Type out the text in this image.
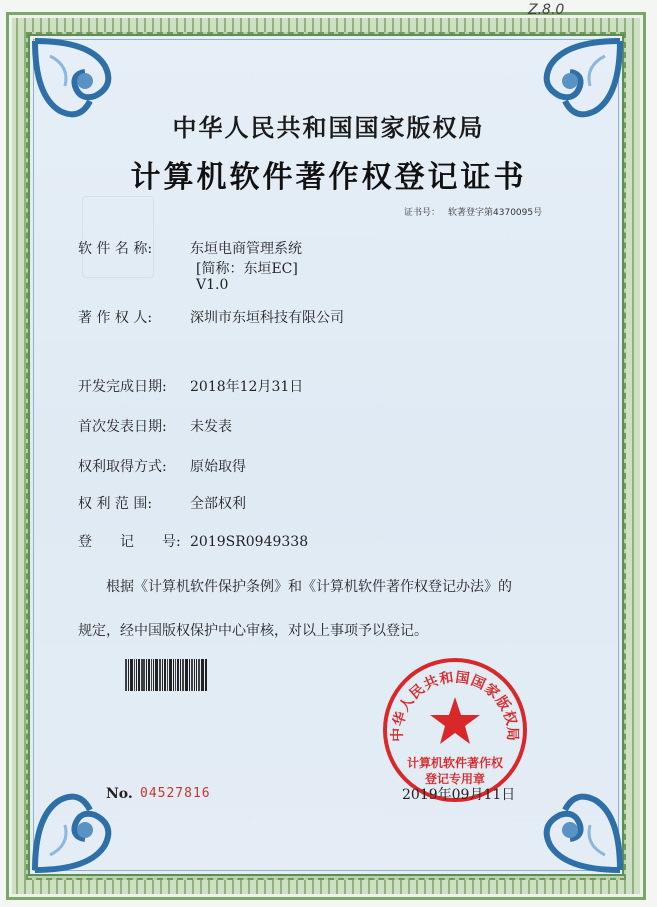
Z.8.0
中华人民共和国国家版权局
计算机软件著作权登记证书
证书号： 软著登字第4370095号
软 件 名 称:	东垣电商管理系统
[简称：东垣EC]
V1.0
著 作 权 人:	深圳市东垣科技有限公司
开发完成日期: 2018年12月31日
首次发表日期: 未发表
权利取得方式: 原始取得
权 利 范 围:	全部权利
登　　记　　号: 2019SR0949338
根据《计算机软件保护条例》和《计算机软件著作权登记办法》的
规定，经中国版权保护中心审核，对以上事项予以登记。
中华人民共和国国家版权局
计算机软件著作权
登记专用章
No. 04527816	2019年09月11日
